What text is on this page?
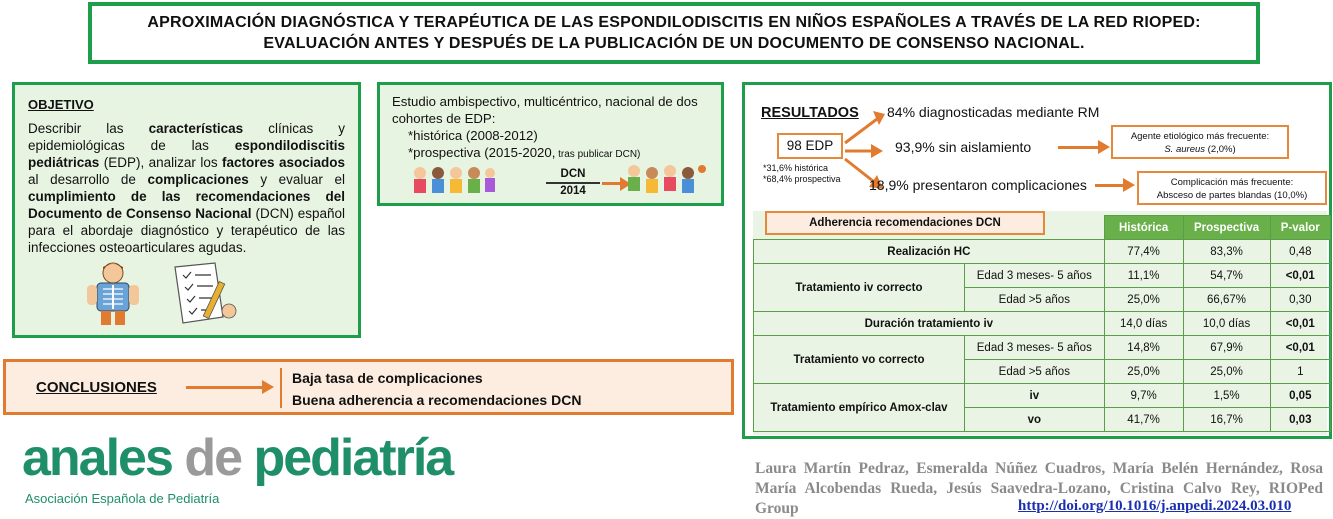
APROXIMACIÓN DIAGNÓSTICA Y TERAPÉUTICA DE LAS ESPONDILODISCITIS EN NIÑOS ESPAÑOLES A TRAVÉS DE LA RED RIOPED:
EVALUACIÓN ANTES Y DESPUÉS DE LA PUBLICACIÓN DE UN DOCUMENTO DE CONSENSO NACIONAL.
OBJETIVO
Describir las características clínicas y epidemiológicas de las espondilodiscitis pediátricas (EDP), analizar los factores asociados al desarrollo de complicaciones y evaluar el cumplimiento de las recomendaciones del Documento de Consenso Nacional (DCN) español para el abordaje diagnóstico y terapéutico de las infecciones osteoarticulares agudas.
Estudio ambispectivo, multicéntrico, nacional de dos cohortes de EDP:
*histórica (2008-2012)
*prospectiva (2015-2020, tras publicar DCN)
DCN
2014
RESULTADOS
98 EDP
*31,6% histórica
*68,4% prospectiva
84% diagnosticadas mediante RM
93,9% sin aislamiento
18,9% presentaron complicaciones
Agente etiológico más frecuente:
S. aureus (2,0%)
Complicación más frecuente:
Absceso de partes blandas (10,0%)
Adherencia recomendaciones DCN
			Histórica	Prospectiva	P-valor
Realización HC		77,4%	83,3%	0,48
Tratamiento iv correcto	Edad 3 meses- 5 años	11,1%	54,7%	<0,01
	Edad >5 años	25,0%	66,67%	0,30
Duración tratamiento iv		14,0 días	10,0 días	<0,01
Tratamiento vo correcto	Edad 3 meses- 5 años	14,8%	67,9%	<0,01
	Edad >5 años	25,0%	25,0%	1
Tratamiento empírico Amox-clav	iv	9,7%	1,5%	0,05
	vo	41,7%	16,7%	0,03
CONCLUSIONES
Baja tasa de complicaciones
Buena adherencia a recomendaciones DCN
anales de pediatría
Asociación Española de Pediatría
Laura Martín Pedraz, Esmeralda Núñez Cuadros, María Belén Hernández, Rosa María Alcobendas Rueda, Jesús Saavedra-Lozano, Cristina Calvo Rey, RIOPed Group	http://doi.org/10.1016/j.anpedi.2024.03.010
